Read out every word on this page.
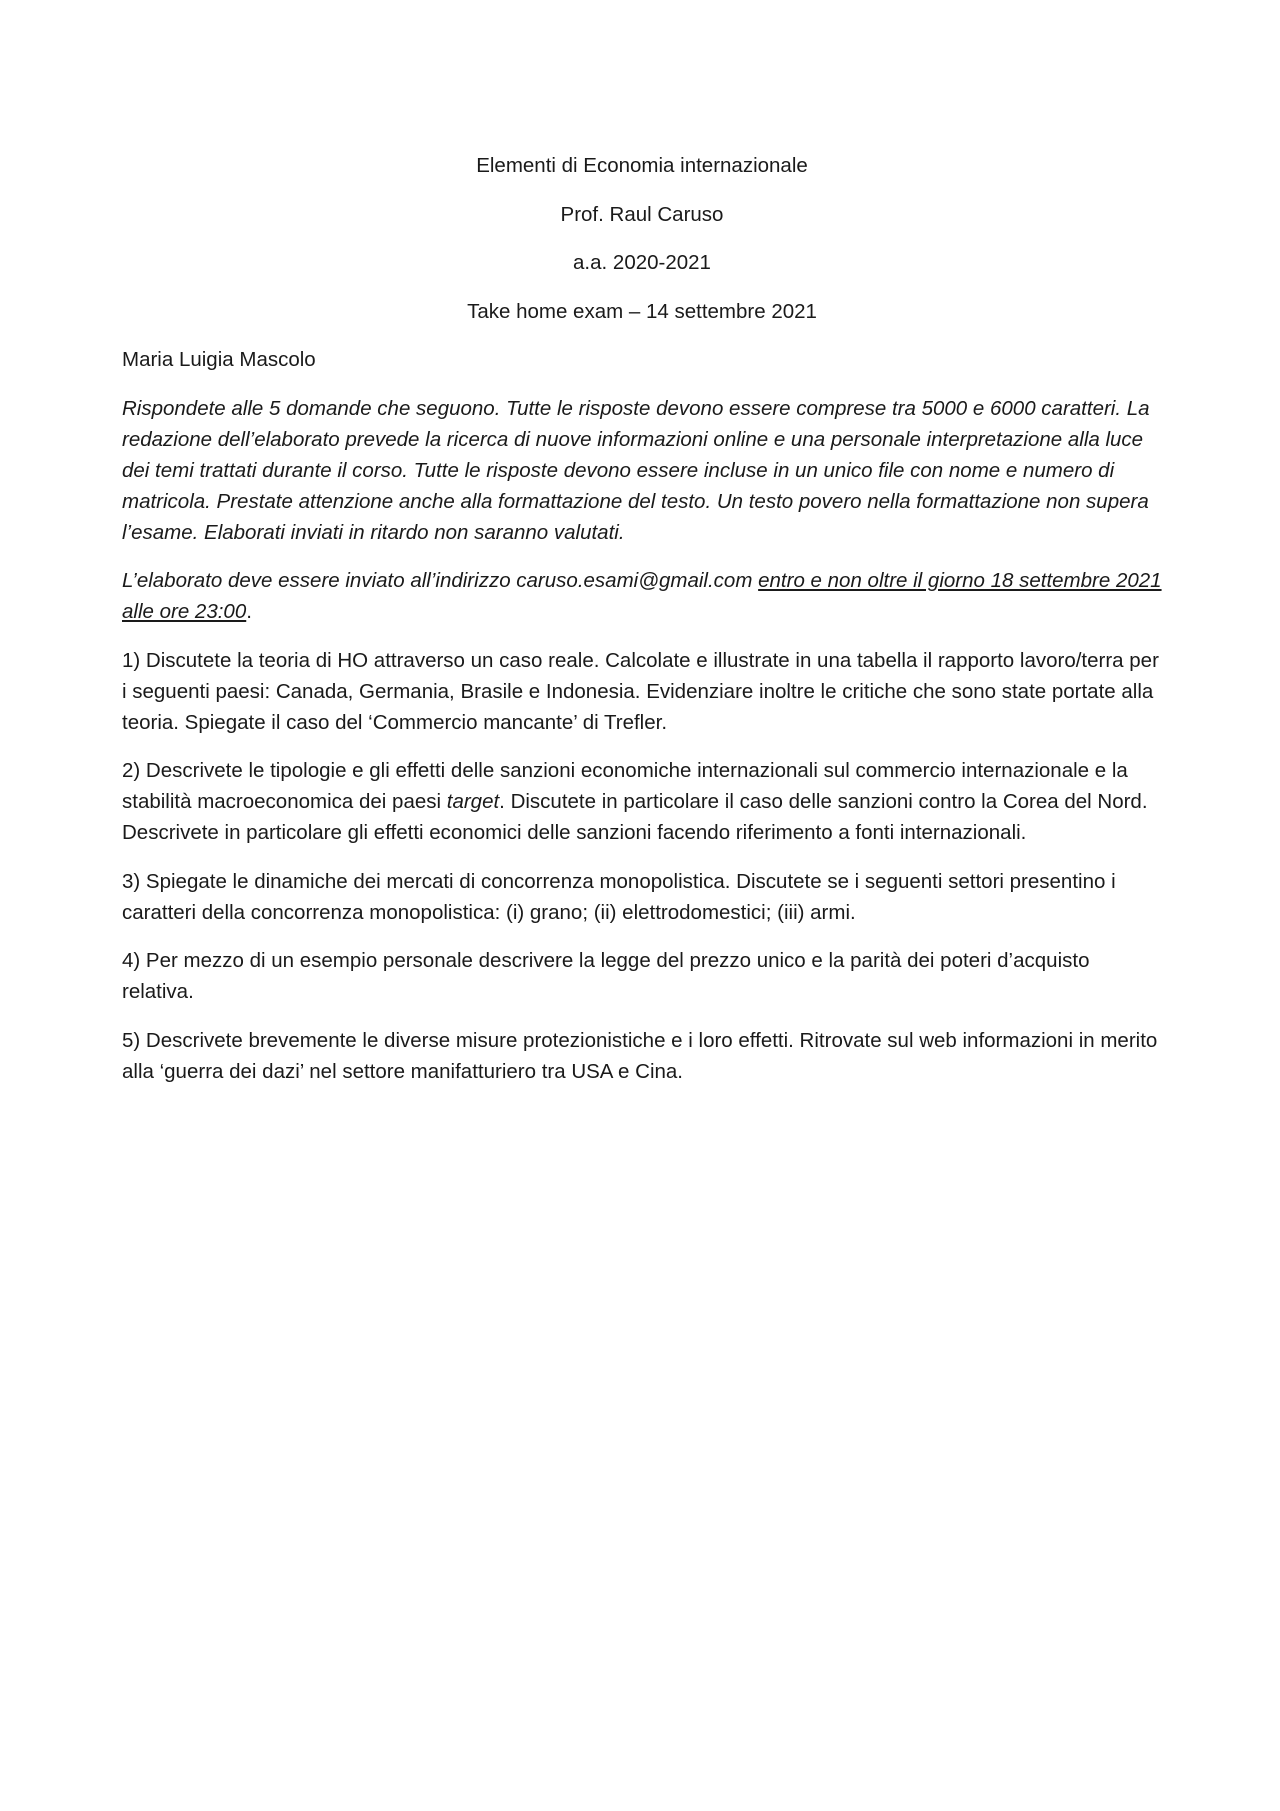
Elementi di Economia internazionale

Prof. Raul Caruso

a.a. 2020-2021

Take home exam – 14 settembre 2021

Maria Luigia Mascolo

Rispondete alle 5 domande che seguono. Tutte le risposte devono essere comprese tra 5000 e 6000 caratteri. La redazione dell’elaborato prevede la ricerca di nuove informazioni online e una personale interpretazione alla luce dei temi trattati durante il corso. Tutte le risposte devono essere incluse in un unico file con nome e numero di matricola. Prestate attenzione anche alla formattazione del testo. Un testo povero nella formattazione non supera l’esame. Elaborati inviati in ritardo non saranno valutati.

L’elaborato deve essere inviato all’indirizzo caruso.esami@gmail.com entro e non oltre il giorno 18 settembre 2021 alle ore 23:00.

1) Discutete la teoria di HO attraverso un caso reale. Calcolate e illustrate in una tabella il rapporto lavoro/terra per i seguenti paesi: Canada, Germania, Brasile e Indonesia. Evidenziare inoltre le critiche che sono state portate alla teoria. Spiegate il caso del ‘Commercio mancante’ di Trefler.

2) Descrivete le tipologie e gli effetti delle sanzioni economiche internazionali sul commercio internazionale e la stabilità macroeconomica dei paesi target. Discutete in particolare il caso delle sanzioni contro la Corea del Nord. Descrivete in particolare gli effetti economici delle sanzioni facendo riferimento a fonti internazionali.

3) Spiegate le dinamiche dei mercati di concorrenza monopolistica. Discutete se i seguenti settori presentino i caratteri della concorrenza monopolistica: (i) grano; (ii) elettrodomestici; (iii) armi.

4) Per mezzo di un esempio personale descrivere la legge del prezzo unico e la parità dei poteri d’acquisto relativa.

5) Descrivete brevemente le diverse misure protezionistiche e i loro effetti. Ritrovate sul web informazioni in merito alla ‘guerra dei dazi’ nel settore manifatturiero tra USA e Cina.
